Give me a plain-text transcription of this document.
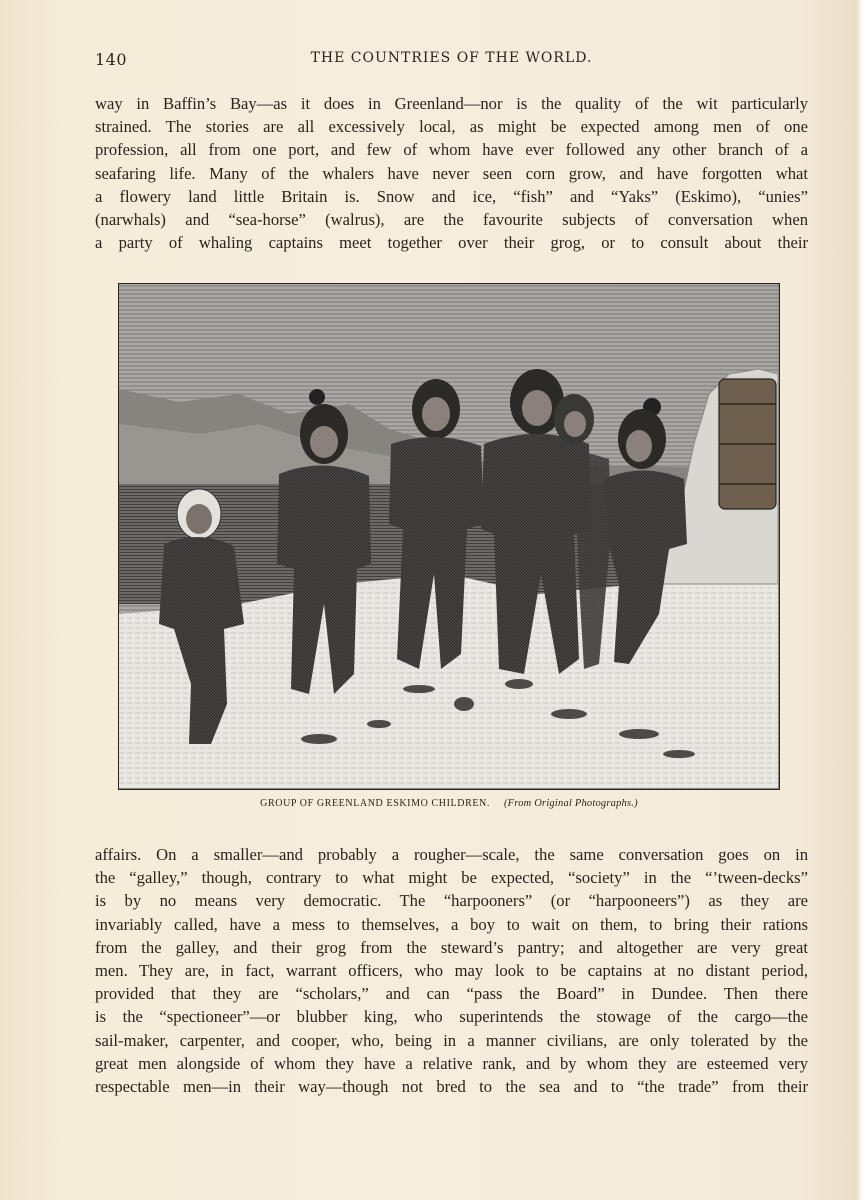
140	THE COUNTRIES OF THE WORLD.
way in Baffin’s Bay—as it does in Greenland—nor is the quality of the wit particularly
strained. The stories are all excessively local, as might be expected among men of one
profession, all from one port, and few of whom have ever followed any other branch of a
seafaring life. Many of the whalers have never seen corn grow, and have forgotten what
a flowery land little Britain is. Snow and ice, “fish” and “Yaks” (Eskimo), “unies”
(narwhals) and “sea-horse” (walrus), are the favourite subjects of conversation when
a party of whaling captains meet together over their grog, or to consult about their
GROUP OF GREENLAND ESKIMO CHILDREN. (From Original Photographs.)
affairs. On a smaller—and probably a rougher—scale, the same conversation goes on in
the “galley,” though, contrary to what might be expected, “society” in the “’tween-decks”
is by no means very democratic. The “harpooners” (or “harpooneers”) as they are
invariably called, have a mess to themselves, a boy to wait on them, to bring their rations
from the galley, and their grog from the steward’s pantry; and altogether are very great
men. They are, in fact, warrant officers, who may look to be captains at no distant period,
provided that they are “scholars,” and can “pass the Board” in Dundee. Then there
is the “spectioneer”—or blubber king, who superintends the stowage of the cargo—the
sail-maker, carpenter, and cooper, who, being in a manner civilians, are only tolerated by the
great men alongside of whom they have a relative rank, and by whom they are esteemed very
respectable men—in their way—though not bred to the sea and to “the trade” from their
